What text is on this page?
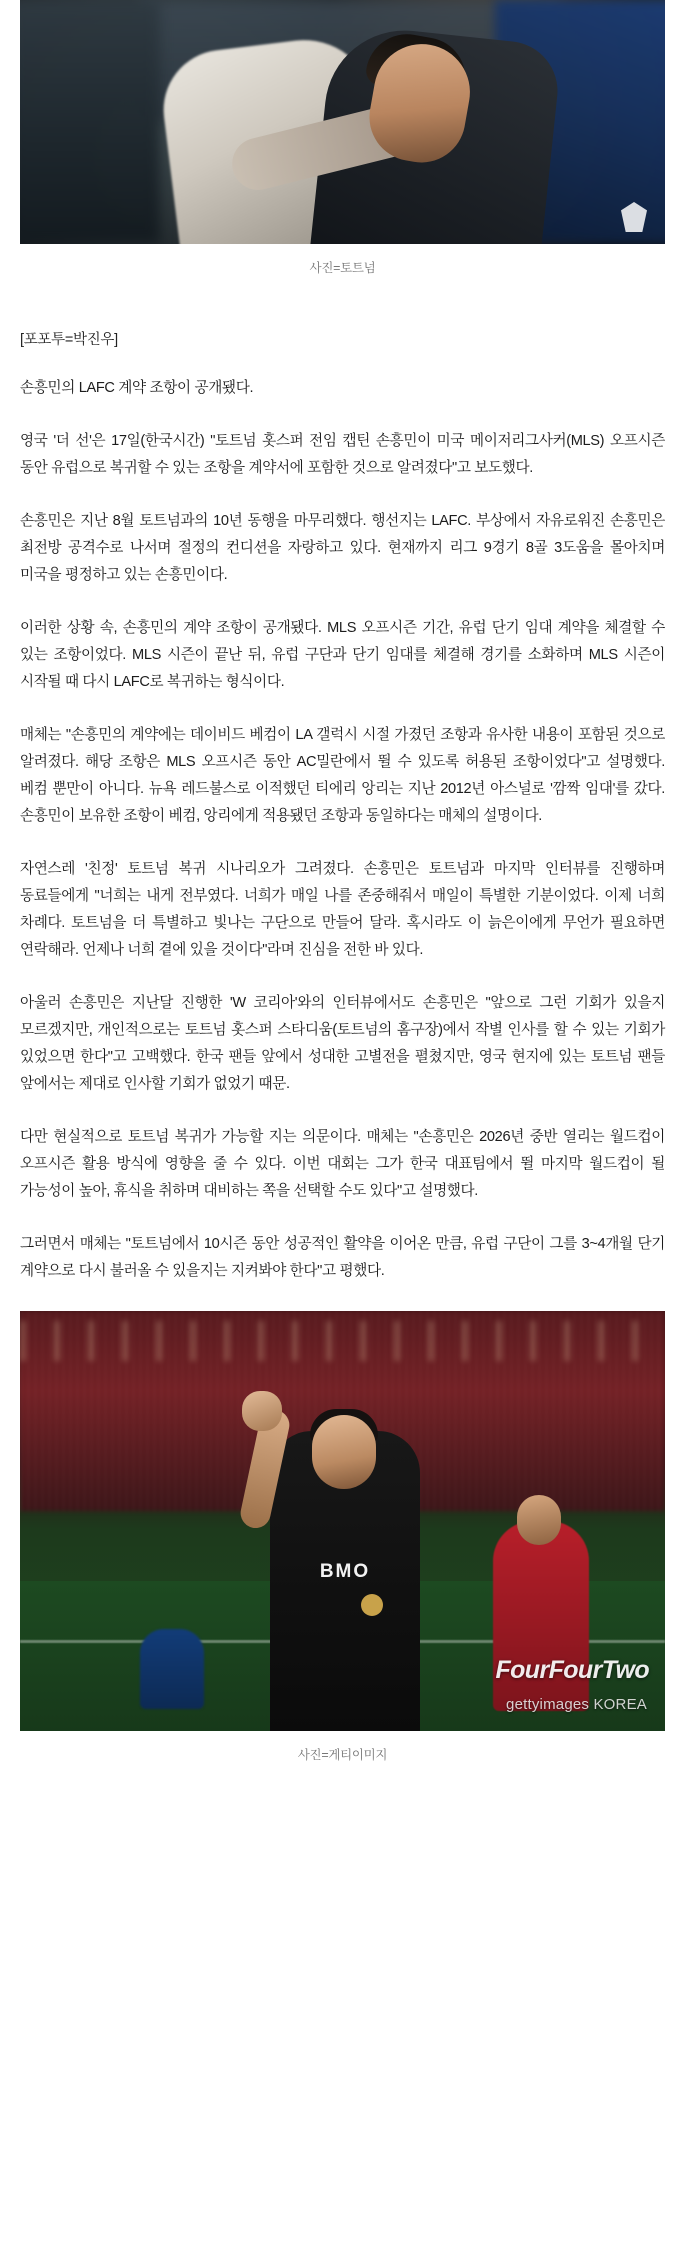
사진=토트넘
[포포투=박진우]

손흥민의 LAFC 계약 조항이 공개됐다.

영국 '더 선'은 17일(한국시간) "토트넘 홋스퍼 전임 캡틴 손흥민이 미국 메이저리그사커(MLS) 오프시즌 동안 유럽으로 복귀할 수 있는 조항을 계약서에 포함한 것으로 알려졌다"고 보도했다.

손흥민은 지난 8월 토트넘과의 10년 동행을 마무리했다. 행선지는 LAFC. 부상에서 자유로워진 손흥민은 최전방 공격수로 나서며 절정의 컨디션을 자랑하고 있다. 현재까지 리그 9경기 8골 3도움을 몰아치며 미국을 평정하고 있는 손흥민이다.

이러한 상황 속, 손흥민의 계약 조항이 공개됐다. MLS 오프시즌 기간, 유럽 단기 임대 계약을 체결할 수 있는 조항이었다. MLS 시즌이 끝난 뒤, 유럽 구단과 단기 임대를 체결해 경기를 소화하며 MLS 시즌이 시작될 때 다시 LAFC로 복귀하는 형식이다.

매체는 "손흥민의 계약에는 데이비드 베컴이 LA 갤럭시 시절 가졌던 조항과 유사한 내용이 포함된 것으로 알려졌다. 해당 조항은 MLS 오프시즌 동안 AC밀란에서 뛸 수 있도록 허용된 조항이었다"고 설명했다. 베컴 뿐만이 아니다. 뉴욕 레드불스로 이적했던 티에리 앙리는 지난 2012년 아스널로 '깜짝 임대'를 갔다. 손흥민이 보유한 조항이 베컴, 앙리에게 적용됐던 조항과 동일하다는 매체의 설명이다.

자연스레 '친정' 토트넘 복귀 시나리오가 그려졌다. 손흥민은 토트넘과 마지막 인터뷰를 진행하며 동료들에게 "너희는 내게 전부였다. 너희가 매일 나를 존중해줘서 매일이 특별한 기분이었다. 이제 너희 차례다. 토트넘을 더 특별하고 빛나는 구단으로 만들어 달라. 혹시라도 이 늙은이에게 무언가 필요하면 연락해라. 언제나 너희 곁에 있을 것이다"라며 진심을 전한 바 있다.

아울러 손흥민은 지난달 진행한 'W 코리아'와의 인터뷰에서도 손흥민은 "앞으로 그런 기회가 있을지 모르겠지만, 개인적으로는 토트넘 홋스퍼 스타디움(토트넘의 홈구장)에서 작별 인사를 할 수 있는 기회가 있었으면 한다"고 고백했다. 한국 팬들 앞에서 성대한 고별전을 펼쳤지만, 영국 현지에 있는 토트넘 팬들 앞에서는 제대로 인사할 기회가 없었기 때문.

다만 현실적으로 토트넘 복귀가 가능할 지는 의문이다. 매체는 "손흥민은 2026년 중반 열리는 월드컵이 오프시즌 활용 방식에 영향을 줄 수 있다. 이번 대회는 그가 한국 대표팀에서 뛸 마지막 월드컵이 될 가능성이 높아, 휴식을 취하며 대비하는 쪽을 선택할 수도 있다"고 설명했다.

그러면서 매체는 "토트넘에서 10시즌 동안 성공적인 활약을 이어온 만큼, 유럽 구단이 그를 3~4개월 단기 계약으로 다시 불러올 수 있을지는 지켜봐야 한다"고 평했다.

BMO
FourFourTwo
gettyimages KOREA
사진=게티이미지
